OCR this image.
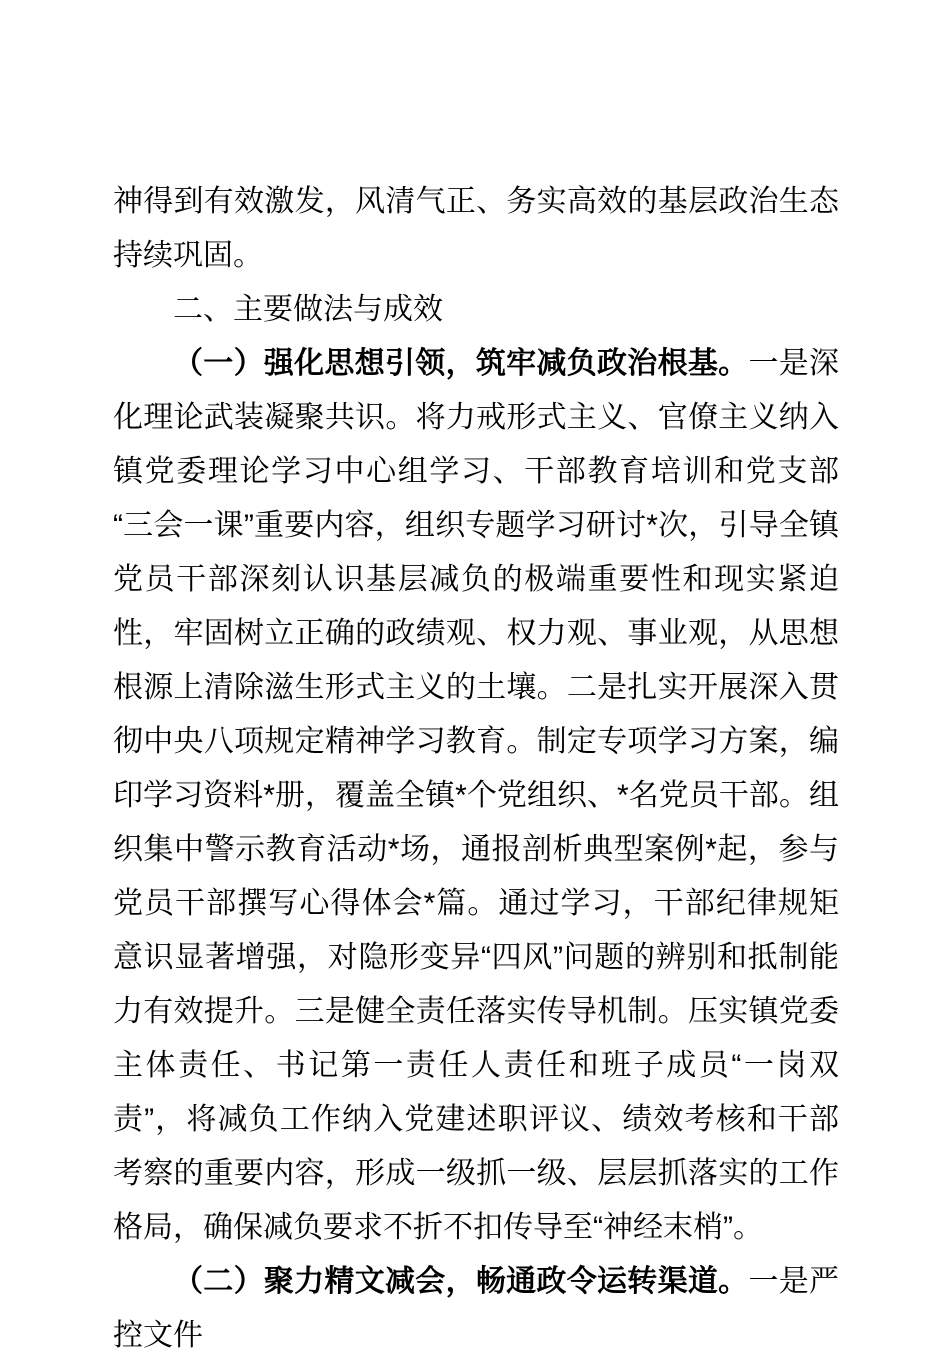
神得到有效激发，风清气正、务实高效的基层政治生态持续巩固。

二、主要做法与成效

（一）强化思想引领，筑牢减负政治根基。一是深化理论武装凝聚共识。将力戒形式主义、官僚主义纳入镇党委理论学习中心组学习、干部教育培训和党支部“三会一课”重要内容，组织专题学习研讨*次，引导全镇党员干部深刻认识基层减负的极端重要性和现实紧迫性，牢固树立正确的政绩观、权力观、事业观，从思想根源上清除滋生形式主义的土壤。二是扎实开展深入贯彻中央八项规定精神学习教育。制定专项学习方案，编印学习资料*册，覆盖全镇*个党组织、*名党员干部。组织集中警示教育活动*场，通报剖析典型案例*起，参与党员干部撰写心得体会*篇。通过学习，干部纪律规矩意识显著增强，对隐形变异“四风”问题的辨别和抵制能力有效提升。三是健全责任落实传导机制。压实镇党委主体责任、书记第一责任人责任和班子成员“一岗双责”，将减负工作纳入党建述职评议、绩效考核和干部考察的重要内容，形成一级抓一级、层层抓落实的工作格局，确保减负要求不折不扣传导至“神经末梢”。

（二）聚力精文减会，畅通政令运转渠道。一是严控文件
